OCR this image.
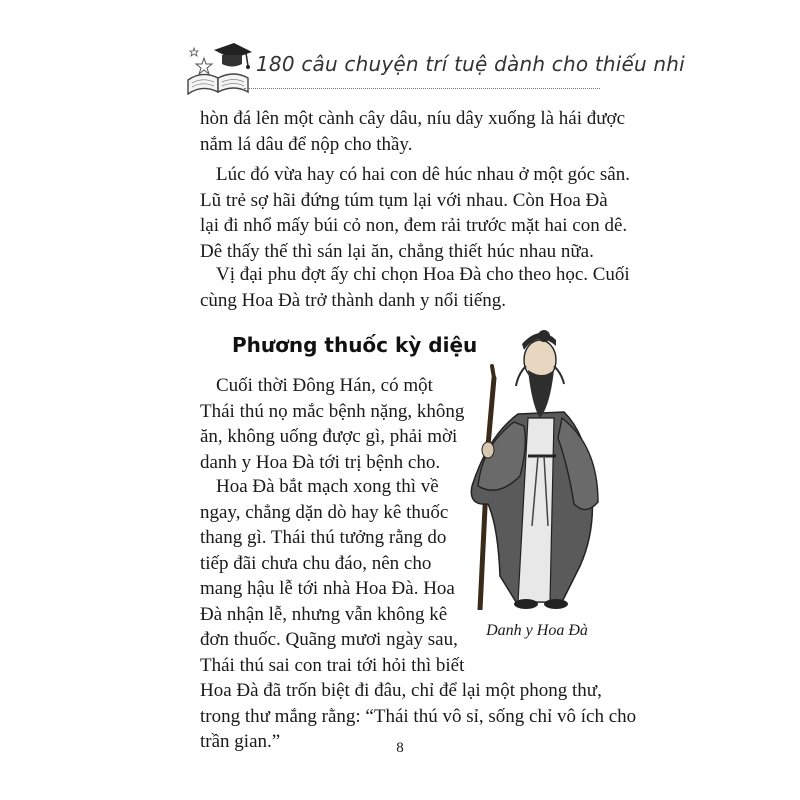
180 câu chuyện trí tuệ dành cho thiếu nhi
hòn đá lên một cành cây dâu, níu dây xuống là hái được
nắm lá dâu để nộp cho thầy.
Lúc đó vừa hay có hai con dê húc nhau ở một góc sân.
Lũ trẻ sợ hãi đứng túm tụm lại với nhau. Còn Hoa Đà
lại đi nhổ mấy búi cỏ non, đem rải trước mặt hai con dê.
Dê thấy thế thì sán lại ăn, chẳng thiết húc nhau nữa.
Vị đại phu đợt ấy chỉ chọn Hoa Đà cho theo học. Cuối
cùng Hoa Đà trở thành danh y nổi tiếng.
Phương thuốc kỳ diệu
Cuối thời Đông Hán, có một
Thái thú nọ mắc bệnh nặng, không
ăn, không uống được gì, phải mời
danh y Hoa Đà tới trị bệnh cho.
Hoa Đà bắt mạch xong thì về
ngay, chẳng dặn dò hay kê thuốc
thang gì. Thái thú tưởng rằng do
tiếp đãi chưa chu đáo, nên cho
mang hậu lễ tới nhà Hoa Đà. Hoa
Đà nhận lễ, nhưng vẫn không kê
đơn thuốc. Quãng mươi ngày sau,
Thái thú sai con trai tới hỏi thì biết
Hoa Đà đã trốn biệt đi đâu, chỉ để lại một phong thư,
trong thư mắng rằng: “Thái thú vô sỉ, sống chỉ vô ích cho
trần gian.”
Danh y Hoa Đà
8
